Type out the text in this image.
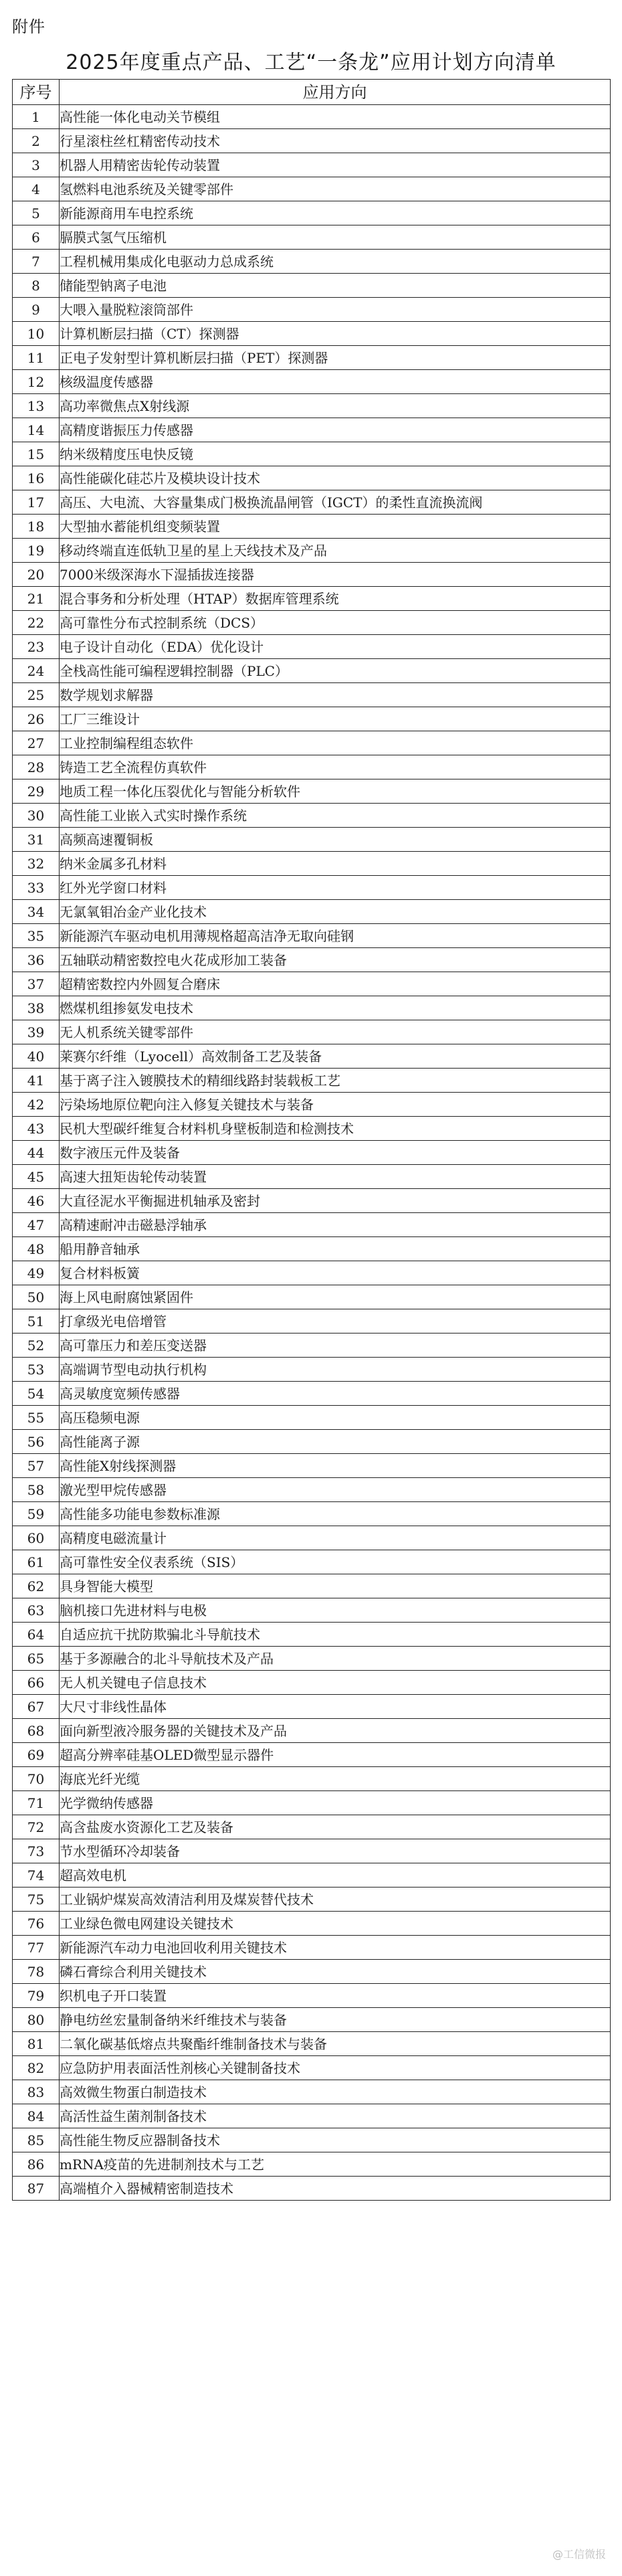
附件
2025年度重点产品、工艺“一条龙”应用计划方向清单
序号	应用方向
1	高性能一体化电动关节模组
2	行星滚柱丝杠精密传动技术
3	机器人用精密齿轮传动装置
4	氢燃料电池系统及关键零部件
5	新能源商用车电控系统
6	膈膜式氢气压缩机
7	工程机械用集成化电驱动力总成系统
8	储能型钠离子电池
9	大喂入量脱粒滚筒部件
10	计算机断层扫描（CT）探测器
11	正电子发射型计算机断层扫描（PET）探测器
12	核级温度传感器
13	高功率微焦点X射线源
14	高精度谐振压力传感器
15	纳米级精度压电快反镜
16	高性能碳化硅芯片及模块设计技术
17	高压、大电流、大容量集成门极换流晶闸管（IGCT）的柔性直流换流阀
18	大型抽水蓄能机组变频装置
19	移动终端直连低轨卫星的星上天线技术及产品
20	7000米级深海水下湿插拔连接器
21	混合事务和分析处理（HTAP）数据库管理系统
22	高可靠性分布式控制系统（DCS）
23	电子设计自动化（EDA）优化设计
24	全栈高性能可编程逻辑控制器（PLC）
25	数学规划求解器
26	工厂三维设计
27	工业控制编程组态软件
28	铸造工艺全流程仿真软件
29	地质工程一体化压裂优化与智能分析软件
30	高性能工业嵌入式实时操作系统
31	高频高速覆铜板
32	纳米金属多孔材料
33	红外光学窗口材料
34	无氯氧钼冶金产业化技术
35	新能源汽车驱动电机用薄规格超高洁净无取向硅钢
36	五轴联动精密数控电火花成形加工装备
37	超精密数控内外圆复合磨床
38	燃煤机组掺氨发电技术
39	无人机系统关键零部件
40	莱赛尔纤维（Lyocell）高效制备工艺及装备
41	基于离子注入镀膜技术的精细线路封装载板工艺
42	污染场地原位靶向注入修复关键技术与装备
43	民机大型碳纤维复合材料机身壁板制造和检测技术
44	数字液压元件及装备
45	高速大扭矩齿轮传动装置
46	大直径泥水平衡掘进机轴承及密封
47	高精速耐冲击磁悬浮轴承
48	船用静音轴承
49	复合材料板簧
50	海上风电耐腐蚀紧固件
51	打拿级光电倍增管
52	高可靠压力和差压变送器
53	高端调节型电动执行机构
54	高灵敏度宽频传感器
55	高压稳频电源
56	高性能离子源
57	高性能X射线探测器
58	激光型甲烷传感器
59	高性能多功能电参数标准源
60	高精度电磁流量计
61	高可靠性安全仪表系统（SIS）
62	具身智能大模型
63	脑机接口先进材料与电极
64	自适应抗干扰防欺骗北斗导航技术
65	基于多源融合的北斗导航技术及产品
66	无人机关键电子信息技术
67	大尺寸非线性晶体
68	面向新型液冷服务器的关键技术及产品
69	超高分辨率硅基OLED微型显示器件
70	海底光纤光缆
71	光学微纳传感器
72	高含盐废水资源化工艺及装备
73	节水型循环冷却装备
74	超高效电机
75	工业锅炉煤炭高效清洁利用及煤炭替代技术
76	工业绿色微电网建设关键技术
77	新能源汽车动力电池回收利用关键技术
78	磷石膏综合利用关键技术
79	织机电子开口装置
80	静电纺丝宏量制备纳米纤维技术与装备
81	二氧化碳基低熔点共聚酯纤维制备技术与装备
82	应急防护用表面活性剂核心关键制备技术
83	高效微生物蛋白制造技术
84	高活性益生菌剂制备技术
85	高性能生物反应器制备技术
86	mRNA疫苗的先进制剂技术与工艺
87	高端植介入器械精密制造技术
@工信微报
